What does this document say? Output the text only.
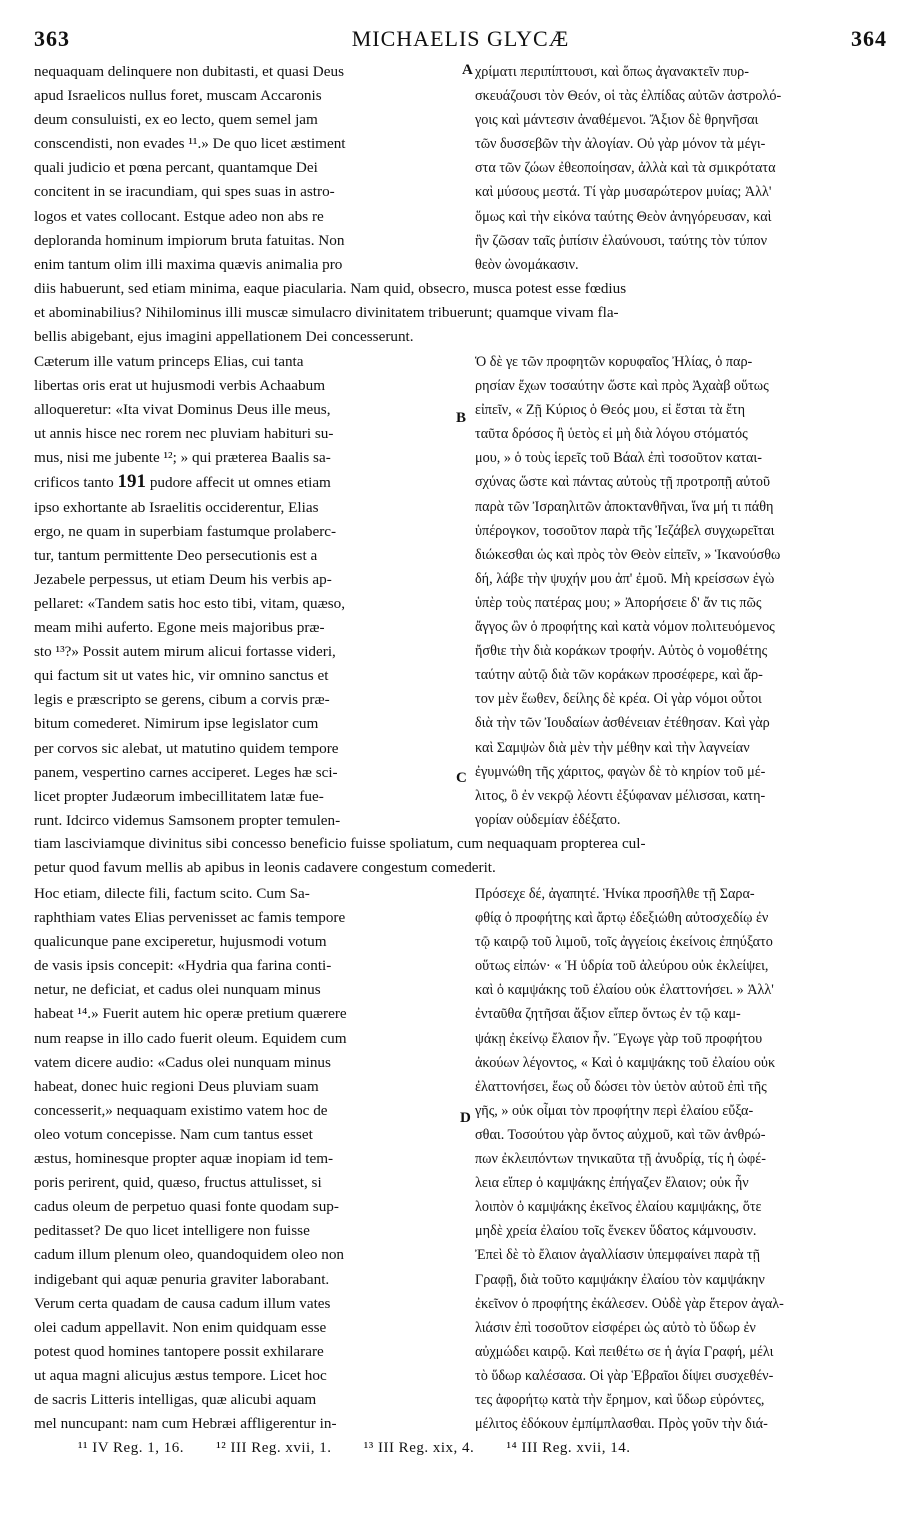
363	MICHAELIS GLYCÆ	364
nequaquam delinquere non dubitasti, et quasi Deus
apud Israelicos nullus foret, muscam Accaronis
deum consuluisti, ex eo lecto, quem semel jam
conscendisti, non evades ¹¹.» De quo licet æstiment
quali judicio et pœna percant, quantamque Dei
concitent in se iracundiam, qui spes suas in astro-
logos et vates collocant. Estque adeo non abs re
deploranda hominum impiorum bruta fatuitas. Non
enim tantum olim illi maxima quævis animalia pro
A χρίματι περιπίπτουσι, καὶ ὅπως ἀγανακτεῖν πυρ-
σκευάζουσι τὸν Θεόν, οἱ τὰς ἐλπίδας αὐτῶν ἀστρολό-
γοις καὶ μάντεσιν ἀναθέμενοι. Ἄξιον δὲ θρηνῆσαι
τῶν δυσσεβῶν τὴν ἀλογίαν. Οὐ γὰρ μόνον τὰ μέγι-
στα τῶν ζώων ἐθεοποίησαν, ἀλλὰ καὶ τὰ σμικρότατα
καὶ μύσους μεστά. Τί γὰρ μυσαρώτερον μυίας; Ἀλλ'
ὅμως καὶ τὴν εἰκόνα ταύτης Θεὸν ἀνηγόρευσαν, καὶ
ἣν ζῶσαν ταῖς ῥιπίσιν ἐλαύνουσι, ταύτης τὸν τύπον
θεὸν ὠνομάκασιν.
diis habuerunt, sed etiam minima, eaque piacularia. Nam quid, obsecro, musca potest esse fœdius
et abominabilius? Nihilominus illi muscæ simulacro divinitatem tribuerunt; quamque vivam fla-
bellis abigebant, ejus imagini appellationem Dei concesserunt.
Cæterum ille vatum princeps Elias, cui tanta
libertas oris erat ut hujusmodi verbis Achaabum
alloqueretur: «Ita vivat Dominus Deus ille meus,
ut annis hisce nec rorem nec pluviam habituri su-
mus, nisi me jubente ¹²; » qui præterea Baalis sa-
crificos tanto 191 pudore affecit ut omnes etiam
ipso exhortante ab Israelitis occiderentur, Elias
ergo, ne quam in superbiam fastumque prolaberc-
tur, tantum permittente Deo persecutionis est a
Jezabele perpessus, ut etiam Deum his verbis ap-
pellaret: «Tandem satis hoc esto tibi, vitam, quæso,
meam mihi auferto. Egone meis majoribus præ-
sto ¹³?» Possit autem mirum alicui fortasse videri,
qui factum sit ut vates hic, vir omnino sanctus et
legis e præscripto se gerens, cibum a corvis præ-
bitum comederet. Nimirum ipse legislator cum
per corvos sic alebat, ut matutino quidem tempore
panem, vespertino carnes acciperet. Leges hæ sci-
licet propter Judæorum imbecillitatem latæ fue-
runt. Idcirco videmus Samsonem propter temulen-
B
C
Ὁ δὲ γε τῶν προφητῶν κορυφαῖος Ἠλίας, ὁ παρ-
ρησίαν ἔχων τοσαύτην ὥστε καὶ πρὸς Ἀχαὰβ οὕτως
εἰπεῖν, « Ζῇ Κύριος ὁ Θεός μου, εἰ ἔσται τὰ ἔτη
ταῦτα δρόσος ἢ ὑετὸς εἰ μὴ διὰ λόγου στόματός
μου, » ὁ τοὺς ἱερεῖς τοῦ Βάαλ ἐπὶ τοσοῦτον καται-
σχύνας ὥστε καὶ πάντας αὐτοὺς τῇ προτροπῇ αὐτοῦ
παρὰ τῶν Ἰσραηλιτῶν ἀποκτανθῆναι, ἵνα μή τι πάθη
ὑπέρογκον, τοσοῦτον παρὰ τῆς Ἰεζάβελ συγχωρεῖται
διώκεσθαι ὡς καὶ πρὸς τὸν Θεὸν εἰπεῖν, » Ἱκανούσθω
δή, λάβε τὴν ψυχήν μου ἀπ' ἐμοῦ. Μὴ κρείσσων ἐγὼ
ὑπὲρ τοὺς πατέρας μου; » Ἀπορήσειε δ' ἄν τις πῶς
ἄγγος ὢν ὁ προφήτης καὶ κατὰ νόμον πολιτευόμενος
ἤσθιε τὴν διὰ κοράκων τροφήν. Αὐτὸς ὁ νομοθέτης
ταύτην αὐτῷ διὰ τῶν κοράκων προσέφερε, καὶ ἄρ-
τον μὲν ἕωθεν, δείλης δὲ κρέα. Οἱ γὰρ νόμοι οὗτοι
διὰ τὴν τῶν Ἰουδαίων ἀσθένειαν ἐτέθησαν. Καὶ γὰρ
καὶ Σαμψὼν διὰ μὲν τὴν μέθην καὶ τὴν λαγνείαν
ἐγυμνώθη τῆς χάριτος, φαγὼν δὲ τὸ κηρίον τοῦ μέ-
λιτος, ὃ ἐν νεκρῷ λέοντι ἐξύφαναν μέλισσαι, κατη-
γορίαν οὐδεμίαν ἐδέξατο.
tiam lasciviamque divinitus sibi concesso beneficio fuisse spoliatum, cum nequaquam propterea cul-
petur quod favum mellis ab apibus in leonis cadavere congestum comederit.
Hoc etiam, dilecte fili, factum scito. Cum Sa-
raphthiam vates Elias pervenisset ac famis tempore
qualicunque pane exciperetur, hujusmodi votum
de vasis ipsis concepit: «Hydria qua farina conti-
netur, ne deficiat, et cadus olei nunquam minus
habeat ¹⁴.» Fuerit autem hic operæ pretium quærere
num reapse in illo cado fuerit oleum. Equidem cum
vatem dicere audio: «Cadus olei nunquam minus
habeat, donec huic regioni Deus pluviam suam
concesserit,» nequaquam existimo vatem hoc de
oleo votum concepisse. Nam cum tantus esset
æstus, hominesque propter aquæ inopiam id tem-
poris perirent, quid, quæso, fructus attulisset, si
cadus oleum de perpetuo quasi fonte quodam sup-
peditasset? De quo licet intelligere non fuisse
cadum illum plenum oleo, quandoquidem oleo non
indigebant qui aquæ penuria graviter laborabant.
Verum certa quadam de causa cadum illum vates
olei cadum appellavit. Non enim quidquam esse
potest quod homines tantopere possit exhilarare
ut aqua magni alicujus æstus tempore. Licet hoc
de sacris Litteris intelligas, quæ alicubi aquam
mel nuncupant: nam cum Hebræi affligerentur in-
D
Πρόσεχε δέ, ἀγαπητέ. Ἡνίκα προσῆλθε τῇ Σαρα-
φθίᾳ ὁ προφήτης καὶ ἄρτῳ ἐδεξιώθη αὐτοσχεδίῳ ἐν
τῷ καιρῷ τοῦ λιμοῦ, τοῖς ἀγγείοις ἐκείνοις ἐπηύξατο
οὕτως εἰπών· « Ἡ ὑδρία τοῦ ἀλεύρου οὐκ ἐκλείψει,
καὶ ὁ καμψάκης τοῦ ἐλαίου οὐκ ἐλαττονήσει. » Ἀλλ'
ἐνταῦθα ζητῆσαι ἄξιον εἴπερ ὄντως ἐν τῷ καμ-
ψάκῃ ἐκείνῳ ἔλαιον ἦν. Ἔγωγε γὰρ τοῦ προφήτου
ἀκούων λέγοντος, « Καὶ ὁ καμψάκης τοῦ ἐλαίου οὐκ
ἐλαττονήσει, ἕως οὗ δώσει τὸν ὑετὸν αὐτοῦ ἐπὶ τῆς
γῆς, » οὐκ οἶμαι τὸν προφήτην περὶ ἐλαίου εὔξα-
σθαι. Τοσούτου γὰρ ὄντος αὐχμοῦ, καὶ τῶν ἀνθρώ-
πων ἐκλειπόντων τηνικαῦτα τῇ ἀνυδρίᾳ, τίς ἡ ὠφέ-
λεια εἴπερ ὁ καμψάκης ἐπήγαζεν ἔλαιον; οὐκ ἦν
λοιπὸν ὁ καμψάκης ἐκεῖνος ἐλαίου καμψάκης, ὅτε
μηδὲ χρεία ἐλαίου τοῖς ἕνεκεν ὕδατος κάμνουσιν.
Ἐπεὶ δὲ τὸ ἔλαιον ἀγαλλίασιν ὑπεμφαίνει παρὰ τῇ
Γραφῇ, διὰ τοῦτο καμψάκην ἐλαίου τὸν καμψάκην
ἐκεῖνον ὁ προφήτης ἐκάλεσεν. Οὐδὲ γὰρ ἕτερον ἀγαλ-
λιάσιν ἐπὶ τοσοῦτον εἰσφέρει ὡς αὐτὸ τὸ ὕδωρ ἐν
αὐχμώδει καιρῷ. Καὶ πειθέτω σε ἡ ἁγία Γραφή, μέλι
τὸ ὕδωρ καλέσασα. Οἱ γὰρ Ἑβραῖοι δίψει συσχεθέν-
τες ἀφορήτῳ κατὰ τὴν ἔρημον, καὶ ὕδωρ εὑρόντες,
μέλιτος ἐδόκουν ἐμπίμπλασθαι. Πρὸς γοῦν τὴν διά-
¹¹ IV Reg. 1, 16. ¹² III Reg. xvii, 1. ¹³ III Reg. xix, 4. ¹⁴ III Reg. xvii, 14.
